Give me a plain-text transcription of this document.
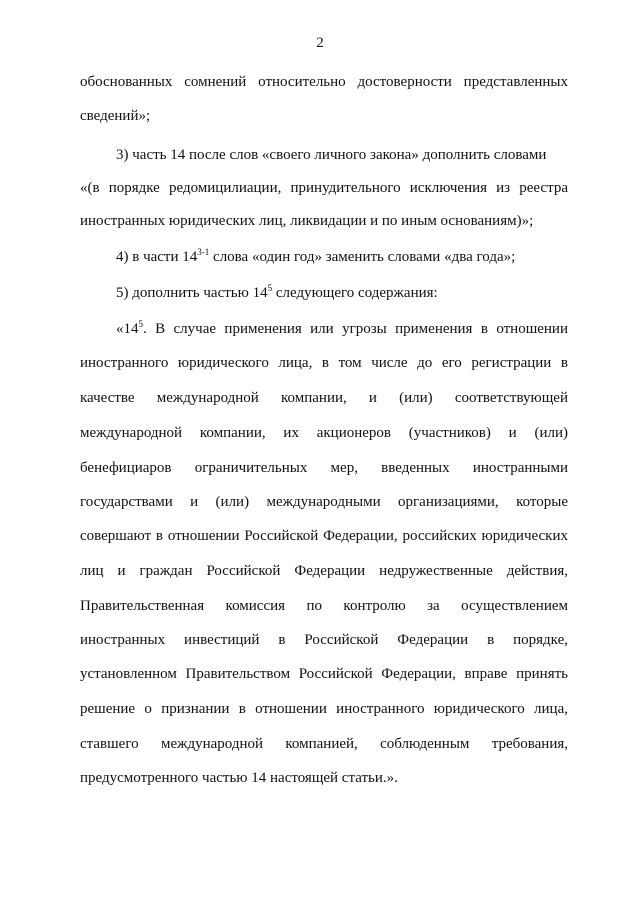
2
обоснованных сомнений относительно достоверности представленных
сведений»;
3) часть 14 после слов «своего личного закона» дополнить словами
«(в порядке редомицилиации, принудительного исключения из реестра
иностранных юридических лиц, ликвидации и по иным основаниям)»;
4) в части 14$^{3-1}$ слова «один год» заменить словами «два года»;
5) дополнить частью $14^5$ следующего содержания:
«$14^5$. В случае применения или угрозы применения в отношении
иностранного юридического лица, в том числе до его регистрации в
качестве международной компании, и (или) соответствующей
международной компании, их акционеров (участников) и (или)
бенефициаров ограничительных мер, введенных иностранными
государствами и (или) международными организациями, которые
совершают в отношении Российской Федерации, российских юридических
лиц и граждан Российской Федерации недружественные действия,
Правительственная комиссия по контролю за осуществлением
иностранных инвестиций в Российской Федерации в порядке,
установленном Правительством Российской Федерации, вправе принять
решение о признании в отношении иностранного юридического лица,
ставшего международной компанией, соблюденным требования,
предусмотренного частью 14 настоящей статьи.».
